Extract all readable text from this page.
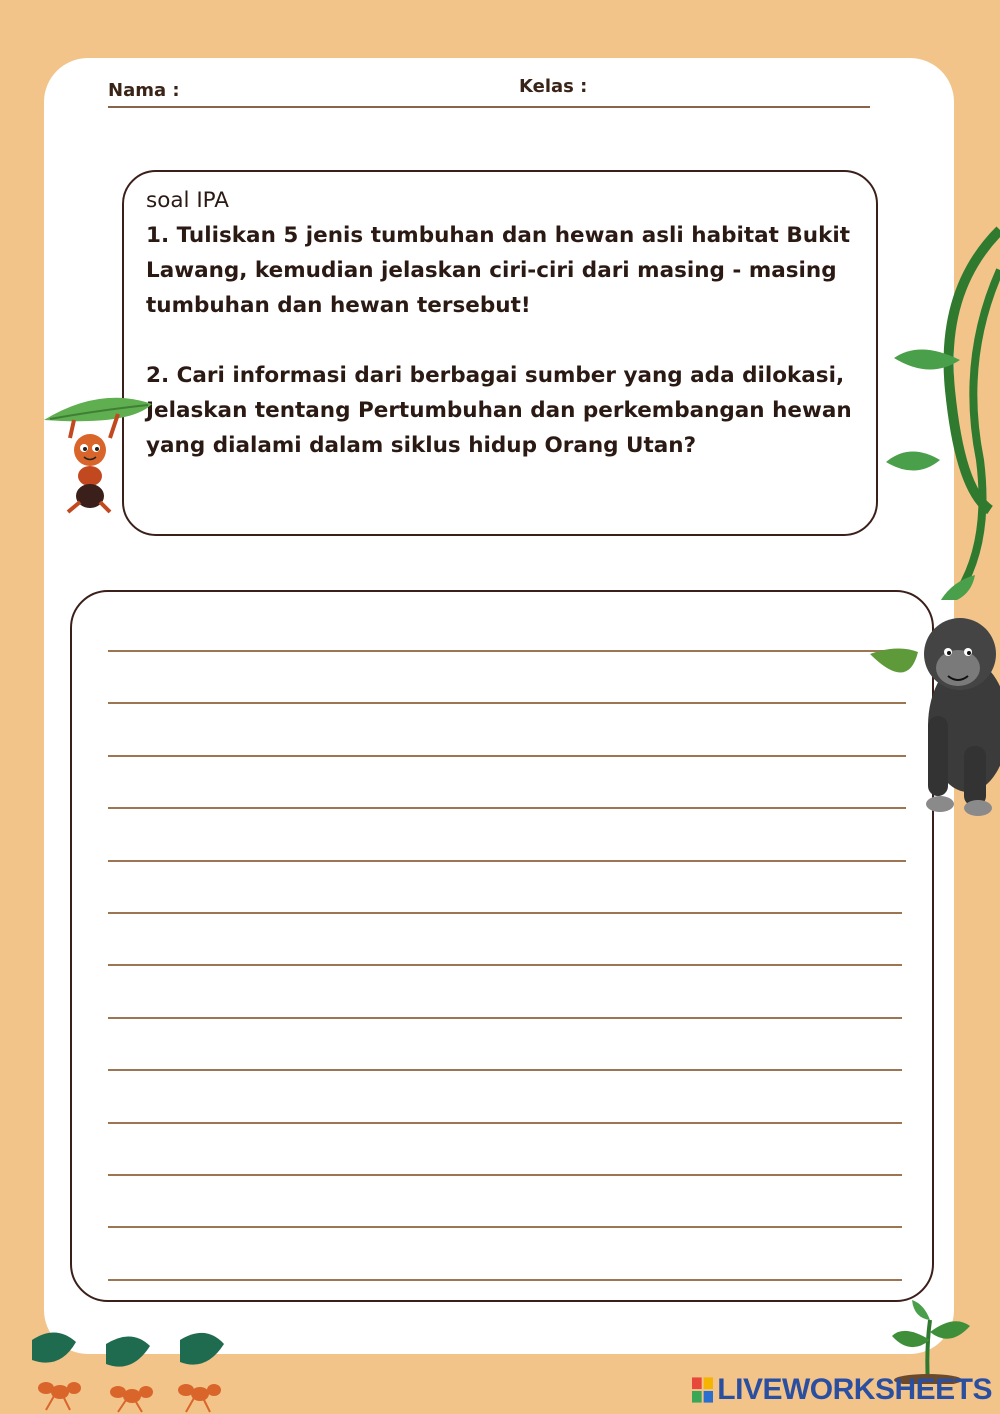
Nama :	Kelas :
soal IPA
1. Tuliskan 5 jenis tumbuhan dan hewan asli habitat Bukit Lawang, kemudian jelaskan ciri-ciri dari masing - masing tumbuhan dan hewan tersebut!
2. Cari informasi dari berbagai sumber yang ada dilokasi, Jelaskan tentang Pertumbuhan dan perkembangan hewan yang dialami dalam siklus hidup Orang Utan?
LIVEWORKSHEETS
